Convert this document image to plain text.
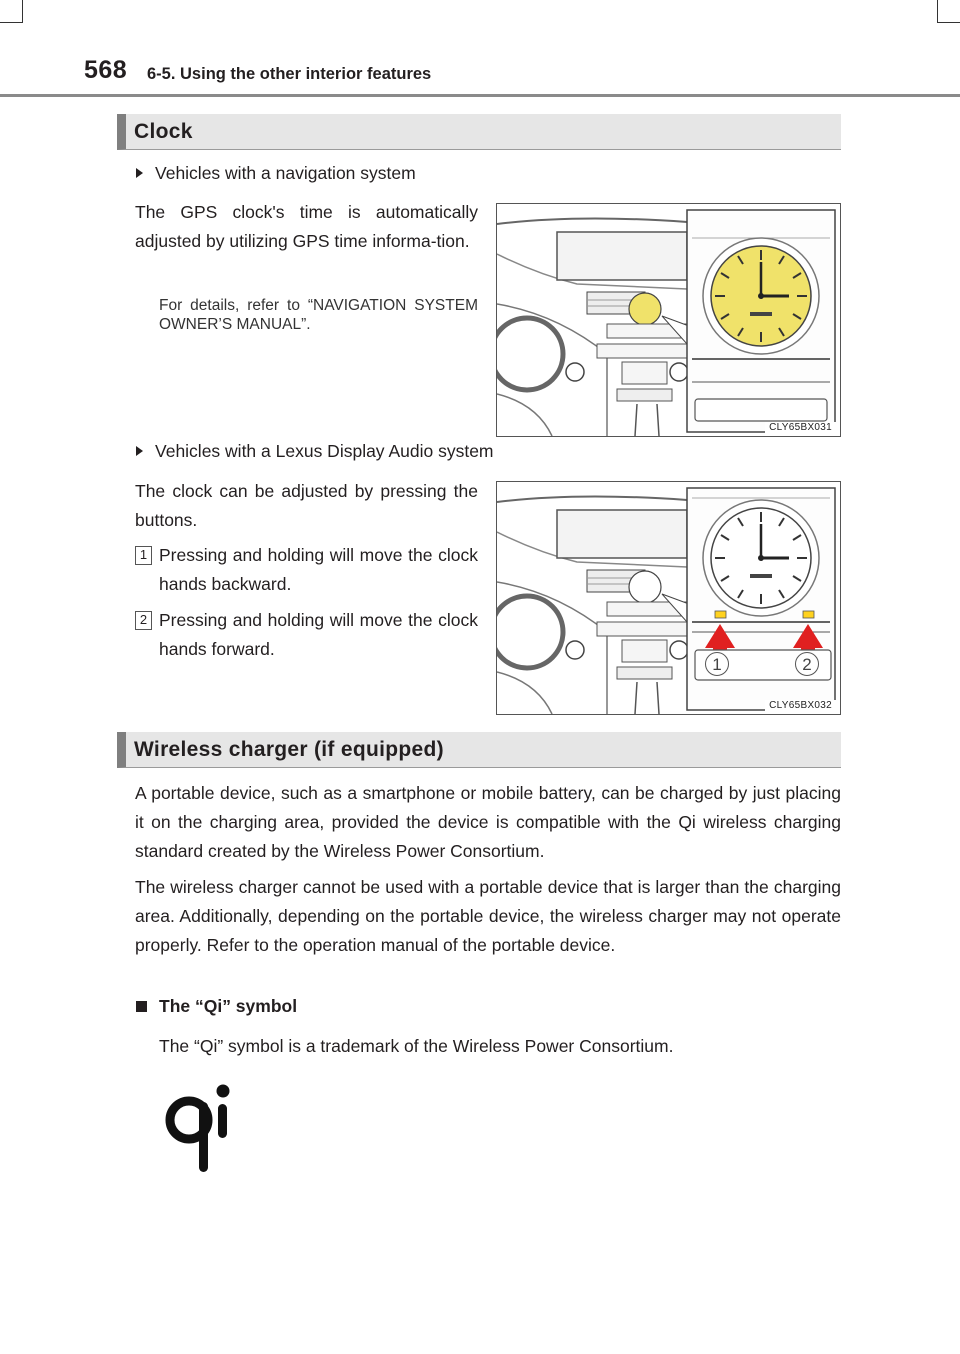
568 6-5. Using the other interior features
Clock
Vehicles with a navigation system
The GPS clock's time is automatically adjusted by utilizing GPS time informa-tion.
For details, refer to “NAVIGATION SYSTEM OWNER’S MANUAL”.
CLY65BX031
Vehicles with a Lexus Display Audio system
The clock can be adjusted by pressing the buttons.
1 Pressing and holding will move the clock hands backward.
2 Pressing and holding will move the clock hands forward.
1	2
CLY65BX032
Wireless charger (if equipped)
A portable device, such as a smartphone or mobile battery, can be charged by just placing it on the charging area, provided the device is compatible with the Qi wireless charging standard created by the Wireless Power Consortium.
The wireless charger cannot be used with a portable device that is larger than the charging area. Additionally, depending on the portable device, the wireless charger may not operate properly. Refer to the operation manual of the portable device.
The “Qi” symbol
The “Qi” symbol is a trademark of the Wireless Power Consortium.
